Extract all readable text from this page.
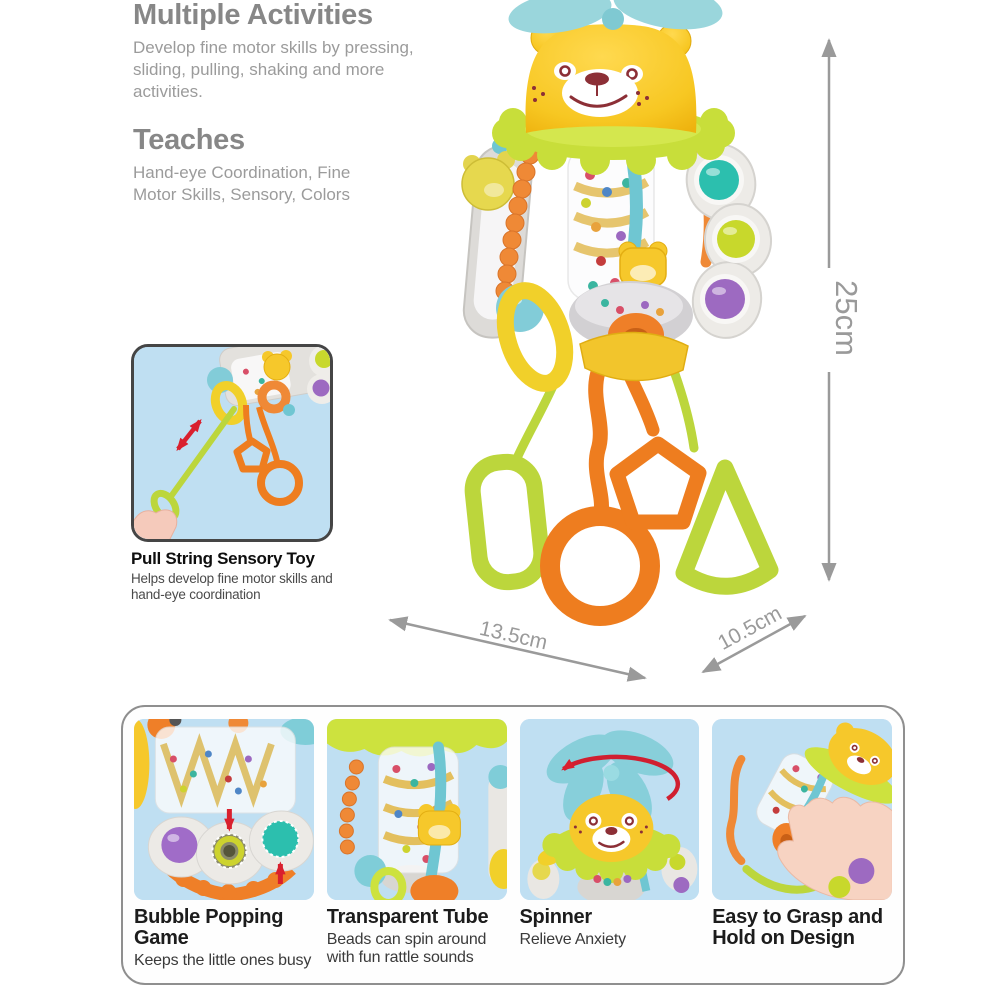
Multiple Activities

Develop fine motor skills by pressing, sliding, pulling, shaking and more activities.

Teaches

Hand-eye Coordination, Fine Motor Skills, Sensory, Colors

25cm
13.5cm	10.5cm
Pull String Sensory Toy

Helps develop fine motor skills and hand-eye coordination

Bubble Popping Game

Keeps the little ones busy

Transparent Tube

Beads can spin around with fun rattle sounds

Spinner

Relieve Anxiety

Easy to Grasp and Hold on Design
